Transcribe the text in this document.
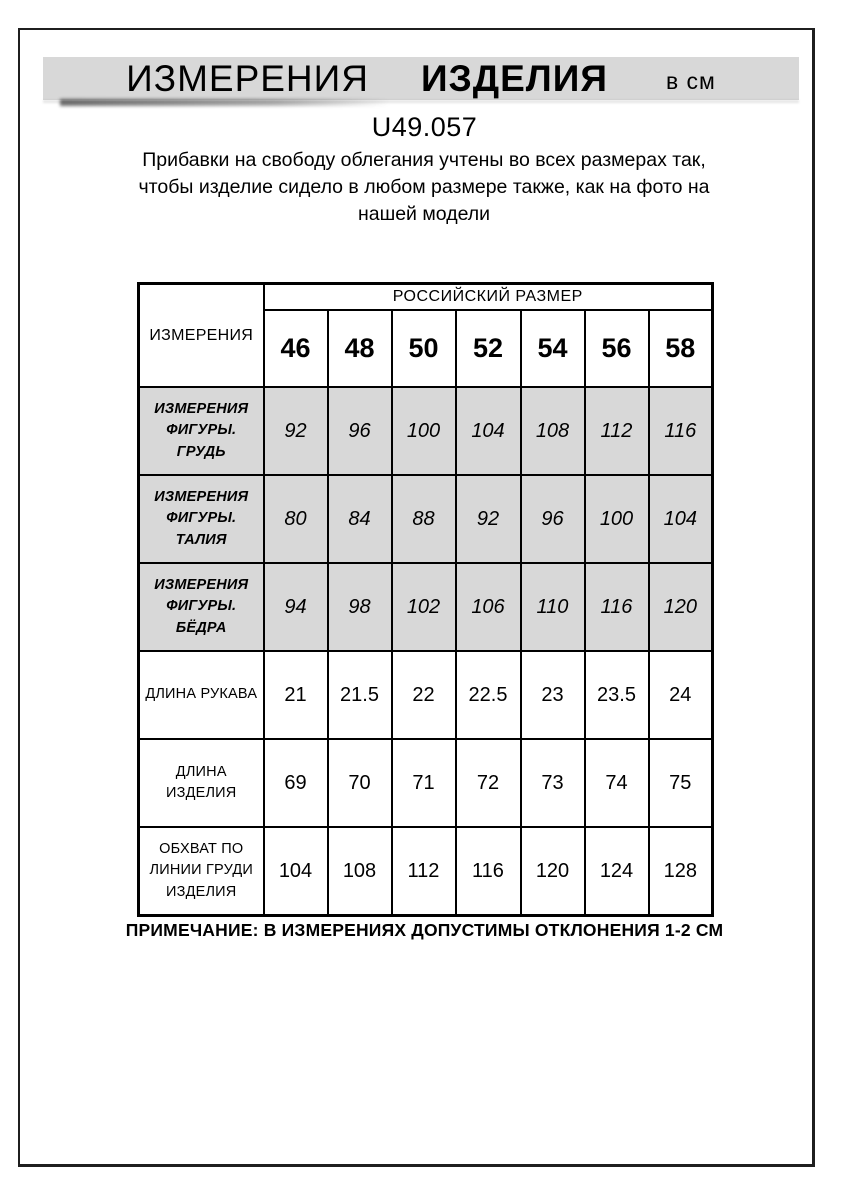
ИЗМЕРЕНИЯ ИЗДЕЛИЯ	в см
U49.057
Прибавки на свободу облегания учтены во всех размерах так, чтобы изделие сидело в любом размере также, как на фото на нашей модели
ИЗМЕРЕНИЯ	РОССИЙСКИЙ РАЗМЕР						
	46	48	50	52	54	56	58
ИЗМЕРЕНИЯ ФИГУРЫ. ГРУДЬ	92	96	100	104	108	112	116
ИЗМЕРЕНИЯ ФИГУРЫ. ТАЛИЯ	80	84	88	92	96	100	104
ИЗМЕРЕНИЯ ФИГУРЫ. БЁДРА	94	98	102	106	110	116	120
ДЛИНА РУКАВА	21	21.5	22	22.5	23	23.5	24
ДЛИНА ИЗДЕЛИЯ	69	70	71	72	73	74	75
ОБХВАТ ПО ЛИНИИ ГРУДИ ИЗДЕЛИЯ	104	108	112	116	120	124	128
ПРИМЕЧАНИЕ: В ИЗМЕРЕНИЯХ ДОПУСТИМЫ ОТКЛОНЕНИЯ 1-2 СМ
